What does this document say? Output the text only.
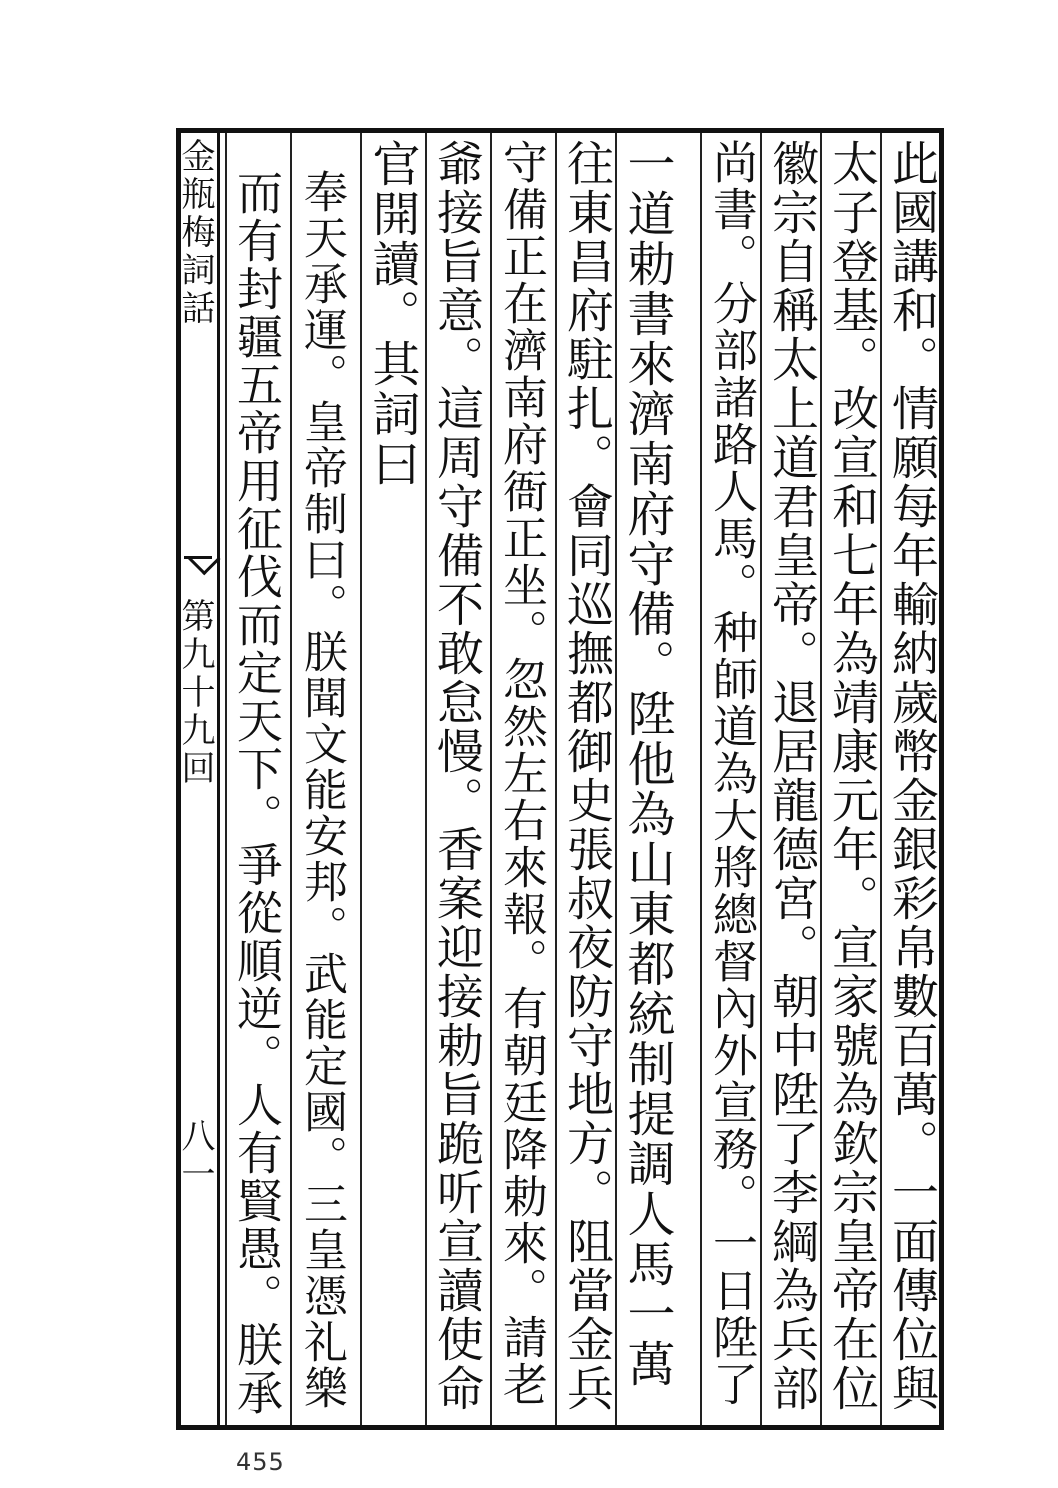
金瓶梅詞話
第九十九回
八一	此國講和。情願每年輸納歲幣金銀彩帛數百萬。一面傳位與
太子登基。改宣和七年為靖康元年。宣家號為欽宗皇帝在位
徽宗自稱太上道君皇帝。退居龍德宮。朝中陞了李綱為兵部
尚書。分部諸路人馬。种師道為大將總督內外宣務。一日陞了
一道勅書來濟南府守備。陞他為山東都統制提調人馬一萬
往東昌府駐扎。會同巡撫都御史張叔夜防守地方。阻當金兵
守備正在濟南府衙正坐。忽然左右來報。有朝廷降勅來。請老
爺接旨意。這周守備不敢怠慢。香案迎接勅旨跪听宣讀使命
官開讀。其詞曰
奉天承運。皇帝制曰。朕聞文能安邦。武能定國。三皇憑礼樂
而有封疆五帝用征伐而定天下。爭從順逆。人有賢愚。朕承
455
